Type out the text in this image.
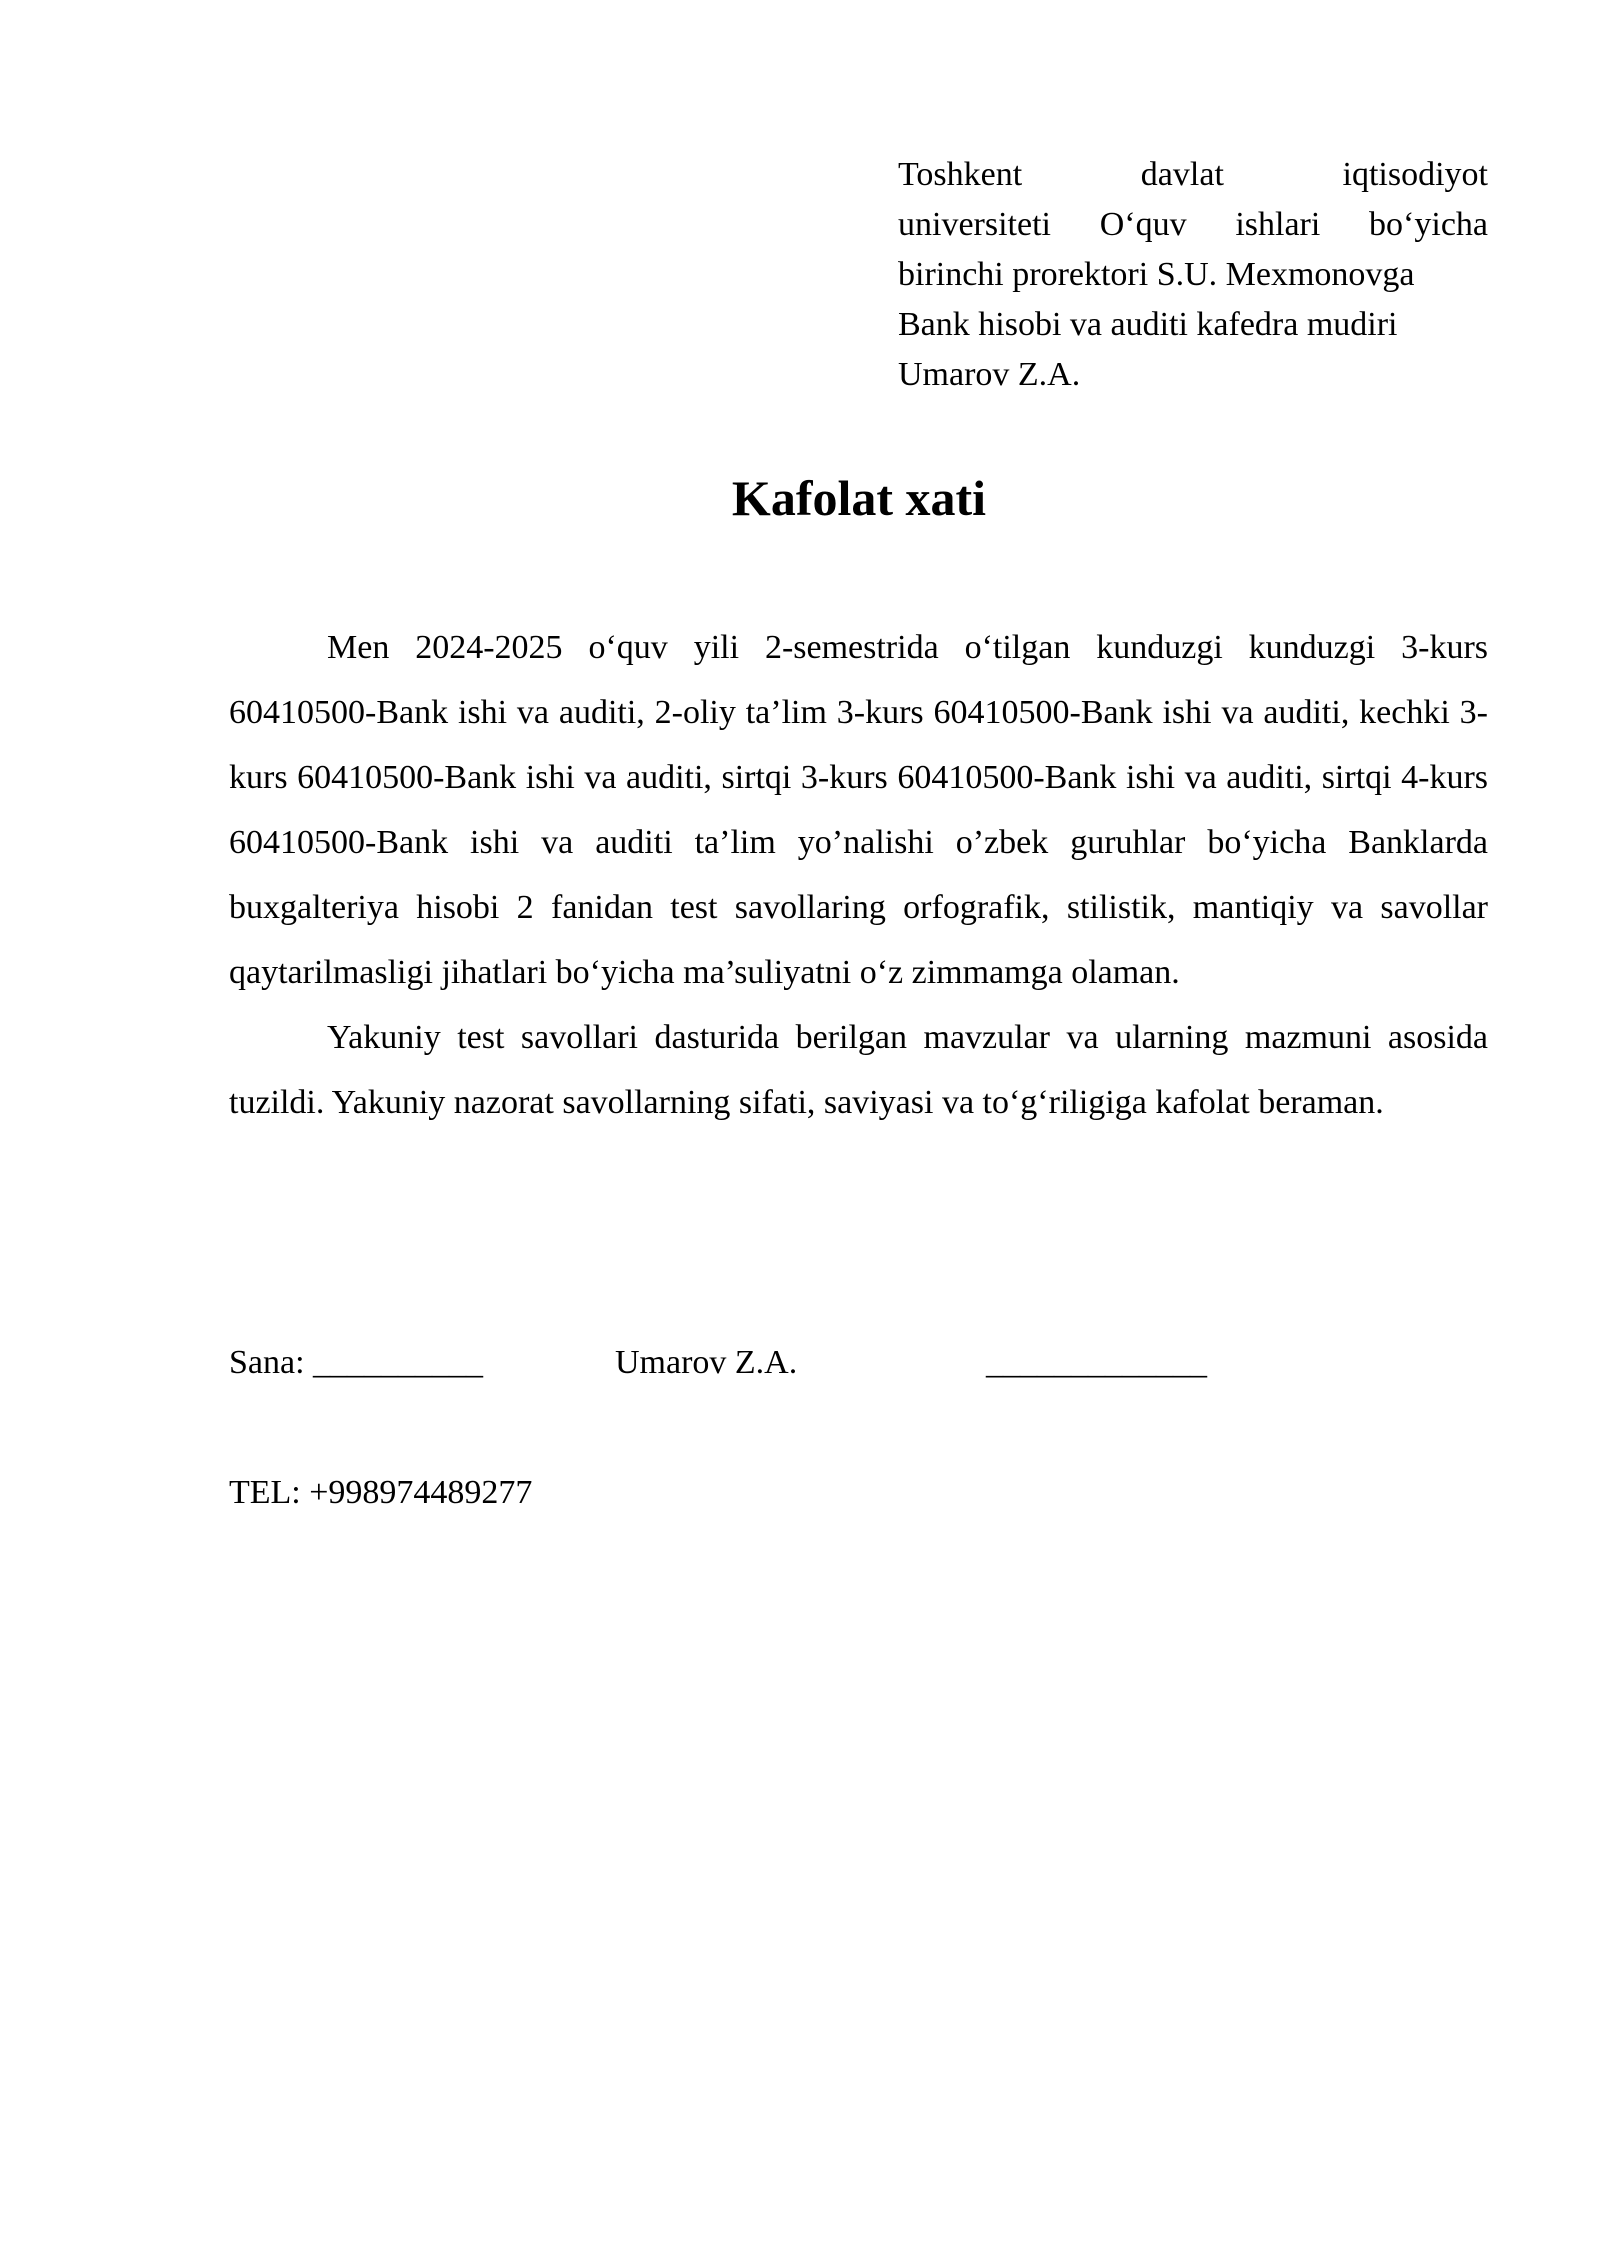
Toshkent davlat iqtisodiyot
universiteti O‘quv ishlari bo‘yicha
birinchi prorektori S.U. Mexmonovga
Bank hisobi va auditi kafedra mudiri
Umarov Z.A.
Kafolat xati

Men 2024-2025 o‘quv yili 2-semestrida o‘tilgan kunduzgi kunduzgi 3-kurs 60410500-Bank ishi va auditi, 2-oliy ta’lim 3-kurs 60410500-Bank ishi va auditi, kechki 3-kurs 60410500-Bank ishi va auditi, sirtqi 3-kurs 60410500-Bank ishi va auditi, sirtqi 4-kurs 60410500-Bank ishi va auditi ta’lim yo’nalishi o’zbek guruhlar bo‘yicha Banklarda buxgalteriya hisobi 2 fanidan test savollaring orfografik, stilistik, mantiqiy va savollar qaytarilmasligi jihatlari bo‘yicha ma’suliyatni o‘z zimmamga olaman.

Yakuniy test savollari dasturida berilgan mavzular va ularning mazmuni asosida tuzildi. Yakuniy nazorat savollarning sifati, saviyasi va to‘g‘riligiga kafolat beraman.

Sana: __________	Umarov Z.A.	_____________
TEL: +998974489277
